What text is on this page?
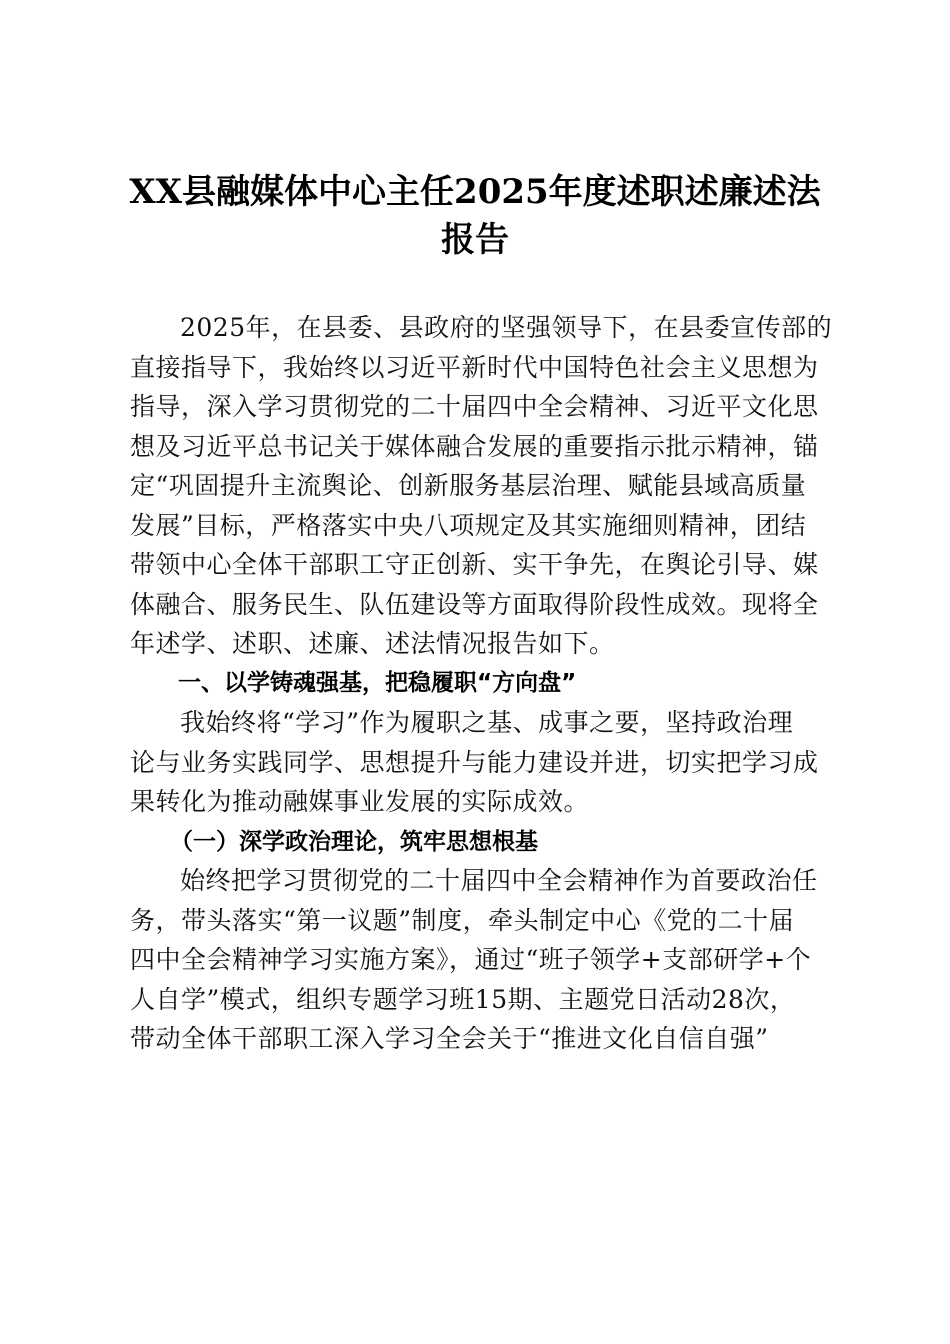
XX县融媒体中心主任2025年度述职述廉述法
报告
2025年，在县委、县政府的坚强领导下，在县委宣传部的
直接指导下，我始终以习近平新时代中国特色社会主义思想为
指导，深入学习贯彻党的二十届四中全会精神、习近平文化思
想及习近平总书记关于媒体融合发展的重要指示批示精神，锚
定“巩固提升主流舆论、创新服务基层治理、赋能县域高质量
发展”目标，严格落实中央八项规定及其实施细则精神，团结
带领中心全体干部职工守正创新、实干争先，在舆论引导、媒
体融合、服务民生、队伍建设等方面取得阶段性成效。现将全
年述学、述职、述廉、述法情况报告如下。
一、以学铸魂强基，把稳履职“方向盘”
我始终将“学习”作为履职之基、成事之要，坚持政治理
论与业务实践同学、思想提升与能力建设并进，切实把学习成
果转化为推动融媒事业发展的实际成效。
（一）深学政治理论，筑牢思想根基
始终把学习贯彻党的二十届四中全会精神作为首要政治任
务，带头落实“第一议题”制度，牵头制定中心《党的二十届
四中全会精神学习实施方案》，通过“班子领学+支部研学+个
人自学”模式，组织专题学习班15期、主题党日活动28次，
带动全体干部职工深入学习全会关于“推进文化自信自强”
